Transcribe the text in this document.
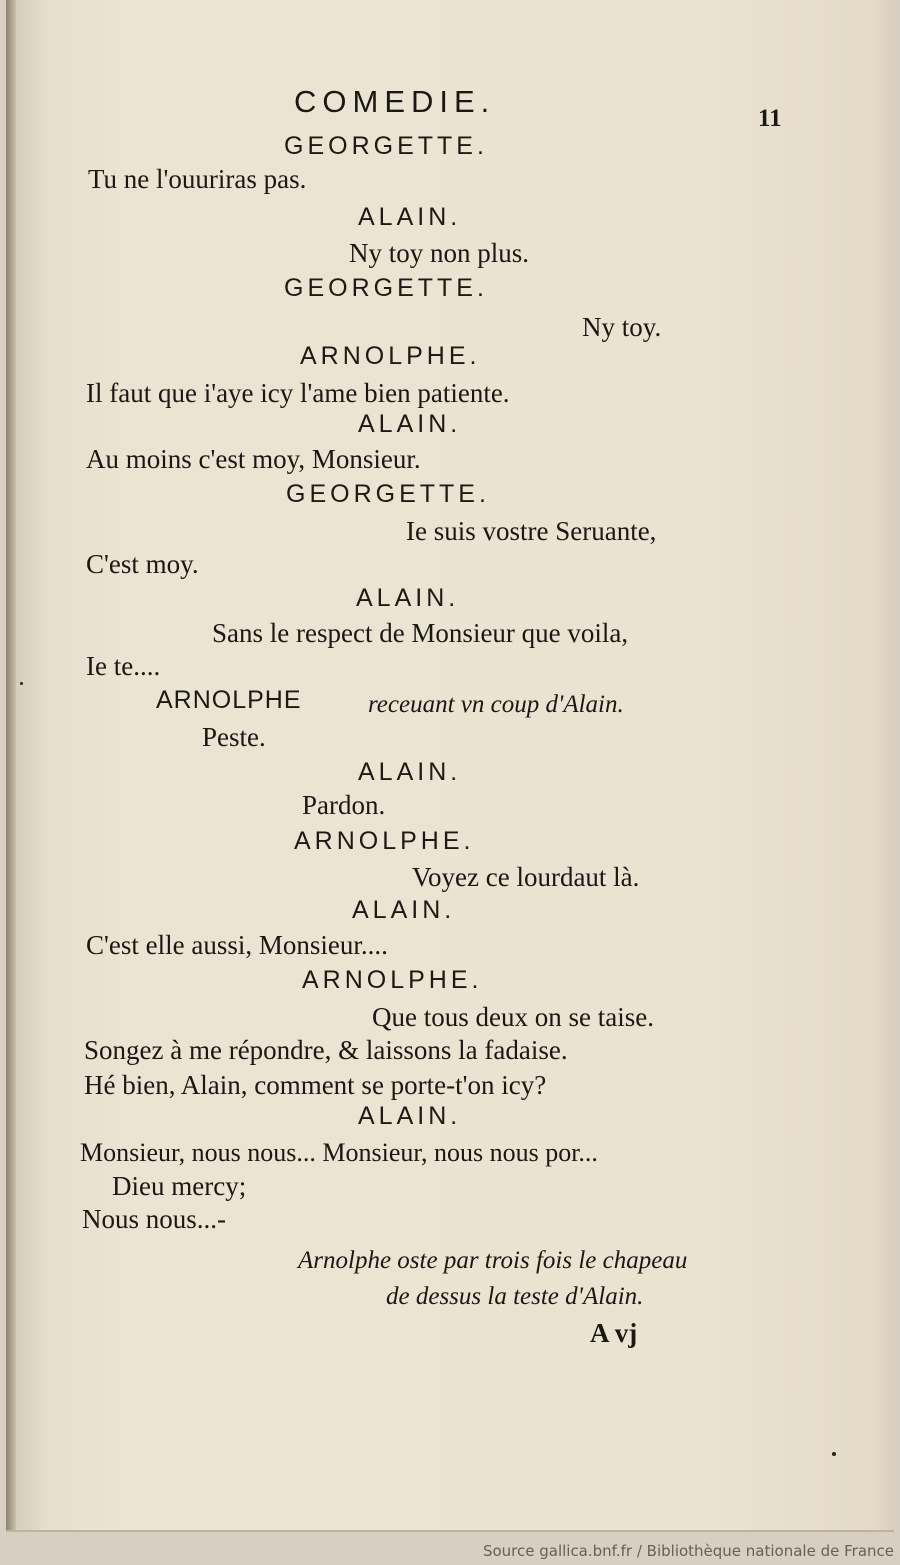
COMEDIE.	11
GEORGETTE.
Tu ne l'ouuriras pas.
ALAIN.
Ny toy non plus.
GEORGETTE.
Ny toy.
ARNOLPHE.
Il faut que i'aye icy l'ame bien patiente.
ALAIN.
Au moins c'est moy, Monsieur.
GEORGETTE.
Ie suis vostre Seruante,
C'est moy.
ALAIN.
Sans le respect de Monsieur que voila,
Ie te....
ARNOLPHE	receuant vn coup d'Alain.
Peste.
ALAIN.
Pardon.
ARNOLPHE.
Voyez ce lourdaut là.
ALAIN.
C'est elle aussi, Monsieur....
ARNOLPHE.
Que tous deux on se taise.
Songez à me répondre, & laissons la fadaise.
Hé bien, Alain, comment se porte-t'on icy?
ALAIN.
Monsieur, nous nous... Monsieur, nous nous por...
Dieu mercy;
Nous nous...-
Arnolphe oste par trois fois le chapeau
de dessus la teste d'Alain.
A vj
Source gallica.bnf.fr / Bibliothèque nationale de France
